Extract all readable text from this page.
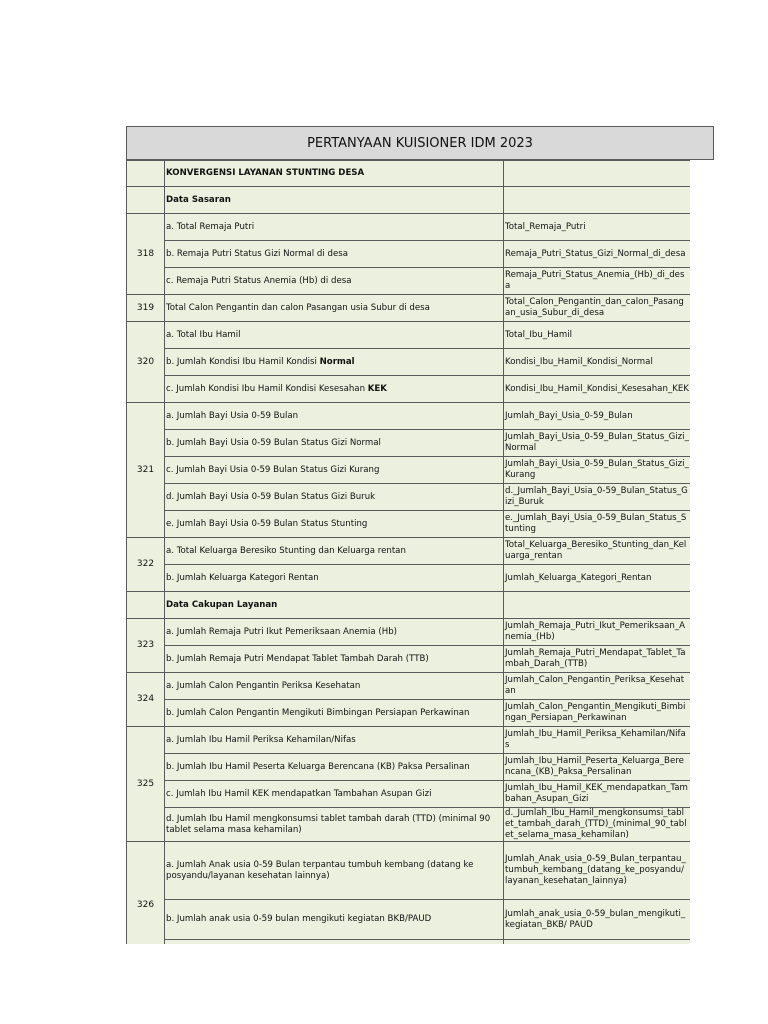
PERTANYAAN KUISIONER IDM 2023
	KONVERGENSI LAYANAN STUNTING DESA	
	Data Sasaran	
318	a. Total Remaja Putri	Total_Remaja_Putri
	b. Remaja Putri Status Gizi Normal di desa	Remaja_Putri_Status_Gizi_Normal_di_desa
	c. Remaja Putri Status Anemia (Hb) di desa	Remaja_Putri_Status_Anemia_(Hb)_di_desa
319	Total Calon Pengantin dan calon Pasangan usia Subur di desa	Total_Calon_Pengantin_dan_calon_Pasangan_usia_Subur_di_desa
320	a. Total Ibu Hamil	Total_Ibu_Hamil
	b. Jumlah Kondisi Ibu Hamil Kondisi Normal	Kondisi_Ibu_Hamil_Kondisi_Normal
	c. Jumlah Kondisi Ibu Hamil Kondisi Kesesahan KEK	Kondisi_Ibu_Hamil_Kondisi_Kesesahan_KEK
321	a. Jumlah Bayi Usia 0-59 Bulan	Jumlah_Bayi_Usia_0-59_Bulan
	b. Jumlah Bayi Usia 0-59 Bulan Status Gizi Normal	Jumlah_Bayi_Usia_0-59_Bulan_Status_Gizi_Normal
	c. Jumlah Bayi Usia 0-59 Bulan Status Gizi Kurang	Jumlah_Bayi_Usia_0-59_Bulan_Status_Gizi_Kurang
	d. Jumlah Bayi Usia 0-59 Bulan Status Gizi Buruk	d._Jumlah_Bayi_Usia_0-59_Bulan_Status_Gizi_Buruk
	e. Jumlah Bayi Usia 0-59 Bulan Status Stunting	e._Jumlah_Bayi_Usia_0-59_Bulan_Status_Stunting
322	a. Total Keluarga Beresiko Stunting dan Keluarga rentan	Total_Keluarga_Beresiko_Stunting_dan_Keluarga_rentan
	b. Jumlah Keluarga Kategori Rentan	Jumlah_Keluarga_Kategori_Rentan
	Data Cakupan Layanan	
323	a. Jumlah Remaja Putri Ikut Pemeriksaan Anemia (Hb)	Jumlah_Remaja_Putri_Ikut_Pemeriksaan_Anemia_(Hb)
	b. Jumlah Remaja Putri Mendapat Tablet Tambah Darah (TTB)	Jumlah_Remaja_Putri_Mendapat_Tablet_Tambah_Darah_(TTB)
324	a. Jumlah Calon Pengantin Periksa Kesehatan	Jumlah_Calon_Pengantin_Periksa_Kesehatan
	b. Jumlah Calon Pengantin Mengikuti Bimbingan Persiapan Perkawinan	Jumlah_Calon_Pengantin_Mengikuti_Bimbingan_Persiapan_Perkawinan
325	a. Jumlah Ibu Hamil Periksa Kehamilan/Nifas	Jumlah_Ibu_Hamil_Periksa_Kehamilan/Nifas
	b. Jumlah Ibu Hamil Peserta Keluarga Berencana (KB) Paksa Persalinan	Jumlah_Ibu_Hamil_Peserta_Keluarga_Berencana_(KB)_Paksa_Persalinan
	c. Jumlah Ibu Hamil KEK mendapatkan Tambahan Asupan Gizi	Jumlah_Ibu_Hamil_KEK_mendapatkan_Tambahan_Asupan_Gizi
	d. Jumlah Ibu Hamil mengkonsumsi tablet tambah darah (TTD) (minimal 90 tablet selama masa kehamilan)	d._Jumlah_Ibu_Hamil_mengkonsumsi_tablet_tambah_darah_(TTD)_(minimal_90_tablet_selama_masa_kehamilan)
326	a. Jumlah Anak usia 0-59 Bulan terpantau tumbuh kembang (datang ke posyandu/layanan kesehatan lainnya)	Jumlah_Anak_usia_0-59_Bulan_terpantau_tumbuh_kembang_(datang_ke_posyandu/ layanan_kesehatan_lainnya)
	b. Jumlah anak usia 0-59 bulan mengikuti kegiatan BKB/PAUD	Jumlah_anak_usia_0-59_bulan_mengikuti_kegiatan_BKB/ PAUD
